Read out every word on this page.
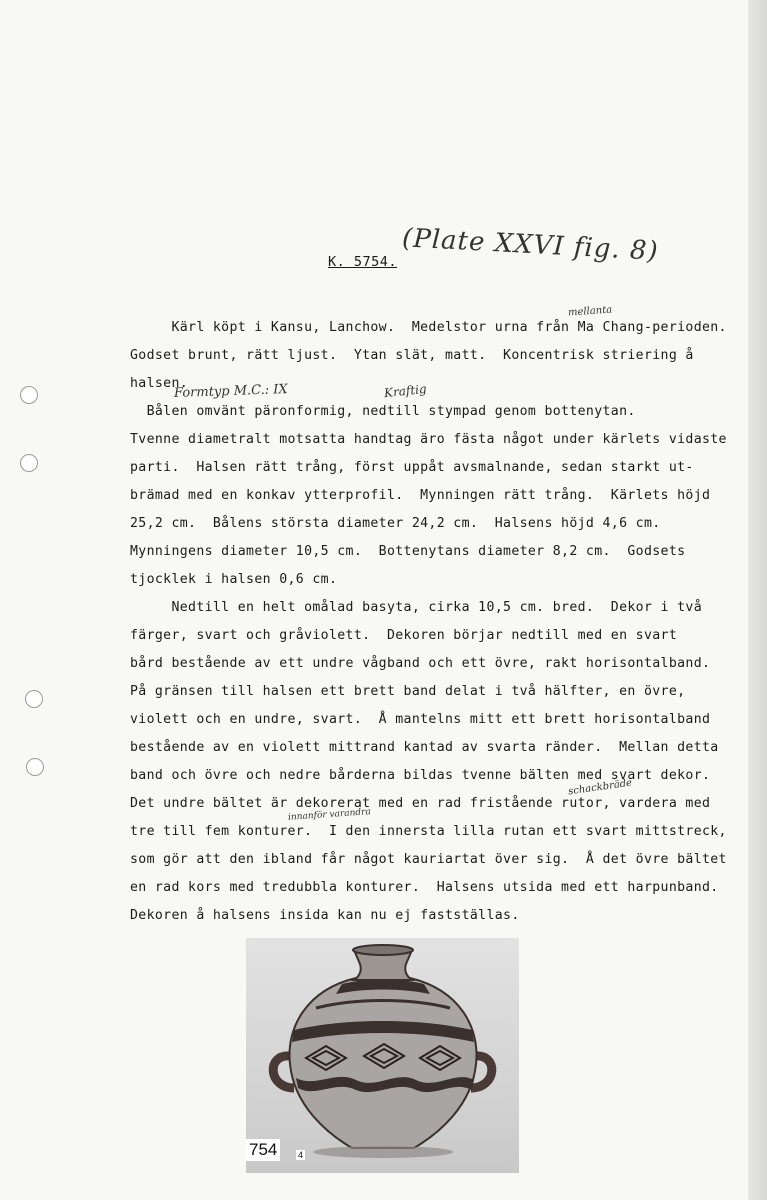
K. 5754. (Plate XXVI fig. 8)
mellanta
Formtyp M.C.: IX	Kraftig
schackbräde
innanför varandra
Kärl köpt i Kansu, Lanchow.  Medelstor urna från Ma Chang-perioden.
Godset brunt, rätt ljust.  Ytan slät, matt.  Koncentrisk striering å
halsen.
Bålen omvänt päronformig, nedtill stympad genom bottenytan.
Tvenne diametralt motsatta handtag äro fästa något under kärlets vidaste
parti.  Halsen rätt trång, först uppåt avsmalnande, sedan starkt ut-
brämad med en konkav ytterprofil.  Mynningen rätt trång.  Kärlets höjd
25,2 cm.  Bålens största diameter 24,2 cm.  Halsens höjd 4,6 cm.
Mynningens diameter 10,5 cm.  Bottenytans diameter 8,2 cm.  Godsets
tjocklek i halsen 0,6 cm.
Nedtill en helt omålad basyta, cirka 10,5 cm. bred.  Dekor i två
färger, svart och gråviolett.  Dekoren börjar nedtill med en svart
bård bestående av ett undre vågband och ett övre, rakt horisontalband.
På gränsen till halsen ett brett band delat i två hälfter, en övre,
violett och en undre, svart.  Å mantelns mitt ett brett horisontalband
bestående av en violett mittrand kantad av svarta ränder.  Mellan detta
band och övre och nedre bårderna bildas tvenne bälten med svart dekor.
Det undre bältet är dekorerat med en rad fristående rutor, vardera med
tre till fem konturer.  I den innersta lilla rutan ett svart mittstreck,
som gör att den ibland får något kauriartat över sig.  Å det övre bältet
en rad kors med tredubbla konturer.  Halsens utsida med ett harpunband.
Dekoren å halsens insida kan nu ej fastställas.
754	4
